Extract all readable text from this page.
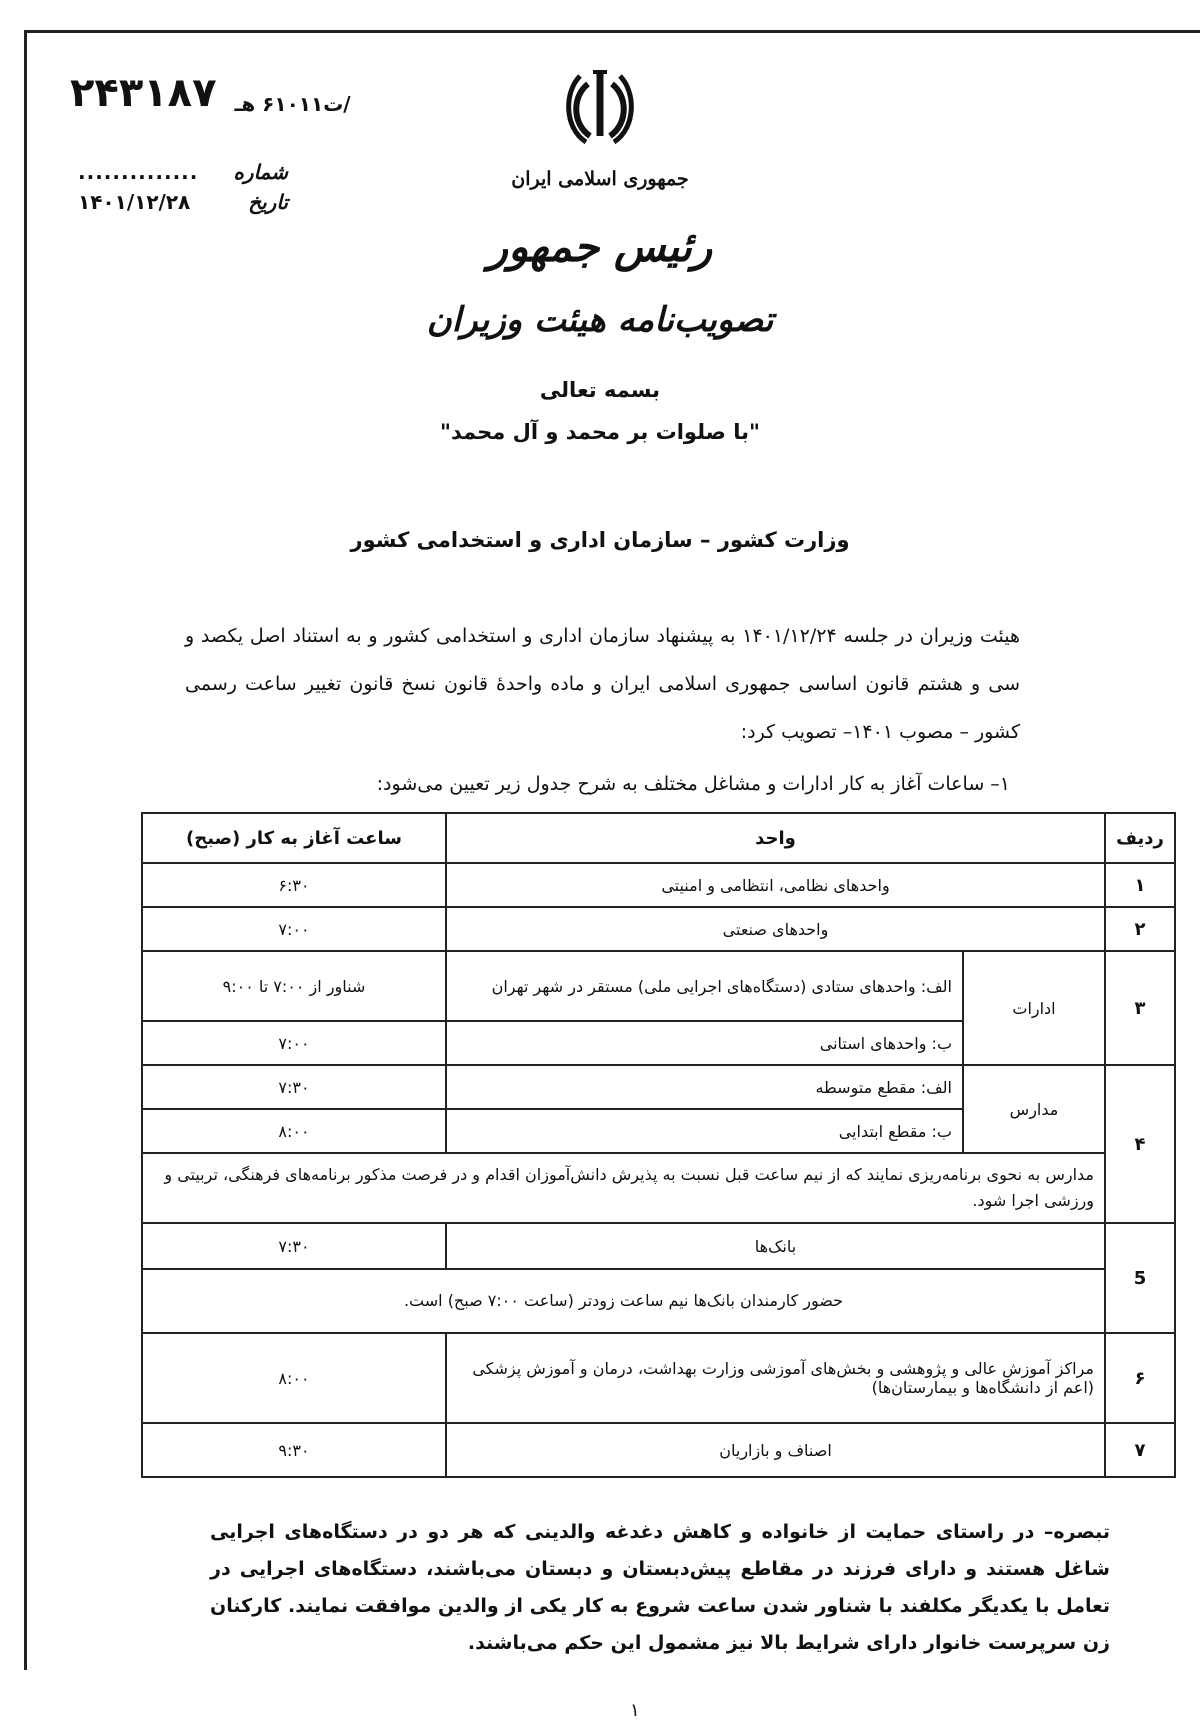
/ت۶۱۰۱۱ هـ
۲۴۳۱۸۷
شماره
..............
تاریخ
۱۴۰۱/۱۲/۲۸
جمهوری اسلامی ایران
رئیس جمهور
تصویب‌نامه هیئت وزیران
بسمه تعالی
"با صلوات بر محمد و آل محمد"
وزارت کشور – سازمان اداری و استخدامی کشور

هیئت وزیران در جلسه ۱۴۰۱/۱۲/۲۴ به پیشنهاد سازمان اداری و استخدامی کشور و به استناد اصل یکصد و سی و هشتم قانون اساسی جمهوری اسلامی ایران و ماده واحدۀ قانون نسخ قانون تغییر ساعت رسمی کشور – مصوب ۱۴۰۱– تصویب کرد:

۱– ساعات آغاز به کار ادارات و مشاغل مختلف به شرح جدول زیر تعیین می‌شود:

ردیف	واحد		ساعت آغاز به کار (صبح)
۱	واحدهای نظامی، انتظامی و امنیتی		۶:۳۰
۲	واحدهای صنعتی		۷:۰۰
۳	ادارات	الف: واحدهای ستادی (دستگاه‌های اجرایی ملی) مستقر در شهر تهران	شناور از ۷:۰۰ تا ۹:۰۰
		ب: واحدهای استانی	۷:۰۰
۴	مدارس	الف: مقطع متوسطه	۷:۳۰
		ب: مقطع ابتدایی	۸:۰۰
	مدارس به نحوی برنامه‌ریزی نمایند که از نیم ساعت قبل نسبت به پذیرش دانش‌آموزان اقدام و در فرصت مذکور برنامه‌های فرهنگی، تربیتی و ورزشی اجرا شود.		
5	بانک‌ها		۷:۳۰
	حضور کارمندان بانک‌ها نیم ساعت زودتر (ساعت ۷:۰۰ صبح) است.		
۶	مراکز آموزش عالی و پژوهشی و بخش‌های آموزشی وزارت بهداشت، درمان و آموزش پزشکی (اعم از دانشگاه‌ها و بیمارستان‌ها)		۸:۰۰
۷	اصناف و بازاریان		۹:۳۰
تبصره– در راستای حمایت از خانواده و کاهش دغدغه والدینی که هر دو در دستگاه‌های اجرایی شاغل هستند و دارای فرزند در مقاطع پیش‌دبستان و دبستان می‌باشند، دستگاه‌های اجرایی در تعامل با یکدیگر مکلفند با شناور شدن ساعت شروع به کار یکی از والدین موافقت نمایند. کارکنان زن سرپرست خانوار دارای شرایط بالا نیز مشمول این حکم می‌باشند.
۱
